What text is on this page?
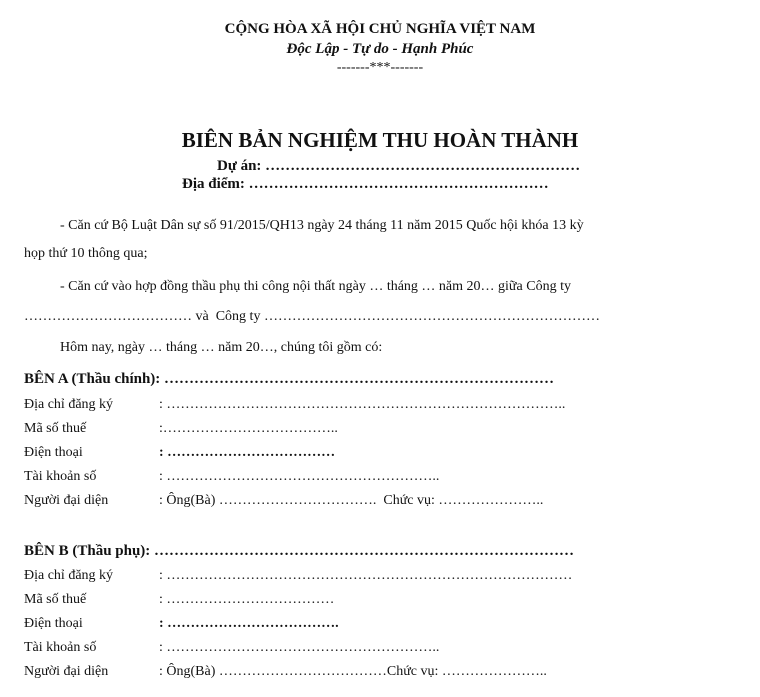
CỘNG HÒA XÃ HỘI CHỦ NGHĨA VIỆT NAM
Độc Lập - Tự do - Hạnh Phúc
-------***-------
BIÊN BẢN NGHIỆM THU HOÀN THÀNH
Dự án: ………………………………………………………
Địa điểm: ……………………………………………………
- Căn cứ Bộ Luật Dân sự số 91/2015/QH13 ngày 24 tháng 11 năm 2015 Quốc hội khóa 13 kỳ
họp thứ 10 thông qua;
- Căn cứ vào hợp đồng thầu phụ thi công nội thất ngày … tháng … năm 20… giữa Công ty
……………………………… và  Công ty ………………………………………………………………
Hôm nay, ngày … tháng … năm 20…, chúng tôi gồm có:
BÊN A (Thầu chính): ……………………………………………………………………
Địa chỉ đăng ký	: …………………………………………………………………………..
Mã số thuế	:………………………………..
Điện thoại	: ………………………………
Tài khoản số	: …………………………………………………..
Người đại diện	: Ông(Bà) …………………………….  Chức vụ: …………………..
BÊN B (Thầu phụ): …………………………………………………………………………
Địa chỉ đăng ký	: ……………………………………………………………………………
Mã số thuế	: ………………………………
Điện thoại	: ……………………………….
Tài khoản số	: …………………………………………………..
Người đại diện	: Ông(Bà) ………………………………Chức vụ: …………………..
